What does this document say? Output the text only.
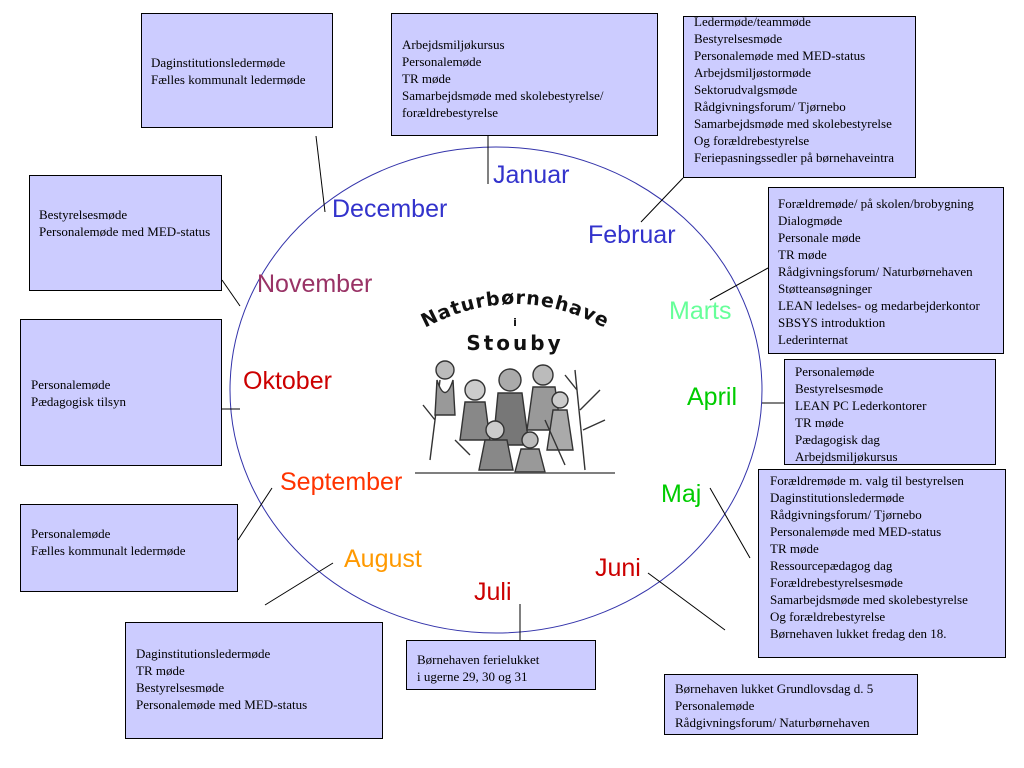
Januar
Februar
Marts
April
Maj
Juni
Juli
August
September
Oktober
November
December
Daginstitutionsledermøde
Fælles kommunalt ledermøde
Arbejdsmiljøkursus
Personalemøde
TR møde
Samarbejdsmøde med skolebestyrelse/
forældrebestyrelse
Ledermøde/teammøde
Bestyrelsesmøde
Personalemøde med MED-status
Arbejdsmiljøstormøde
Sektorudvalgsmøde
Rådgivningsforum/ Tjørnebo
Samarbejdsmøde med skolebestyrelse
Og forældrebestyrelse
Feriepasningssedler på børnehaveintra
Bestyrelsesmøde
Personalemøde med MED-status
Forældremøde/ på skolen/brobygning
Dialogmøde
Personale møde
TR møde
Rådgivningsforum/ Naturbørnehaven
Støtteansøgninger
LEAN ledelses- og medarbejderkontor
SBSYS introduktion
Lederinternat
Personalemøde
Pædagogisk tilsyn
Personalemøde
Bestyrelsesmøde
LEAN PC Lederkontorer
TR møde
Pædagogisk dag
Arbejdsmiljøkursus
Forældremøde m. valg til bestyrelsen
Daginstitutionsledermøde
Rådgivningsforum/ Tjørnebo
Personalemøde med MED-status
TR møde
Ressourcepædagog dag
Forældrebestyrelsesmøde
Samarbejdsmøde med skolebestyrelse
Og forældrebestyrelse
Børnehaven lukket fredag den 18.
Personalemøde
Fælles kommunalt ledermøde
Daginstitutionsledermøde
TR møde
Bestyrelsesmøde
Personalemøde med MED-status
Børnehaven ferielukket
i ugerne 29, 30 og 31
Børnehaven lukket Grundlovsdag d. 5
Personalemøde
Rådgivningsforum/ Naturbørnehaven
Naturbørnehave
i
Stouby
